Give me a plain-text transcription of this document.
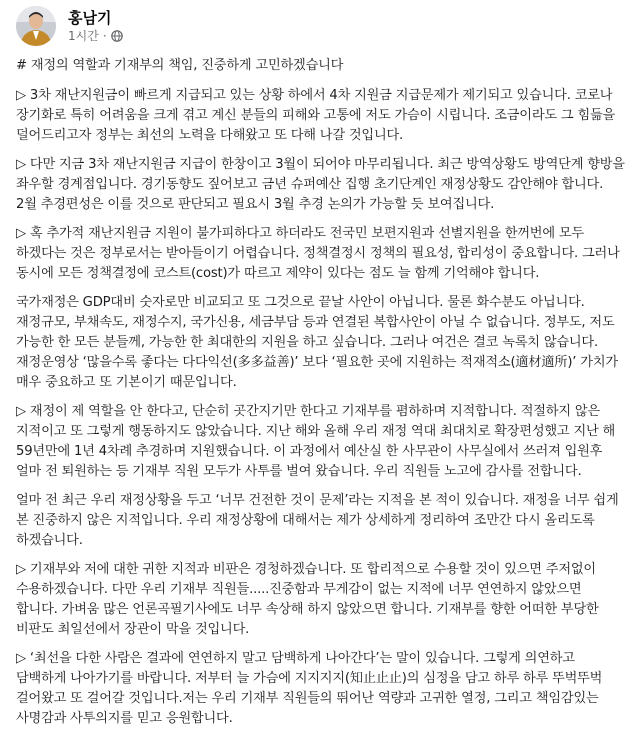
홍남기
1시간 ·

# 재정의 역할과 기재부의 책임, 진중하게 고민하겠습니다

▷ 3차 재난지원금이 빠르게 지급되고 있는 상황 하에서 4차 지원금 지급문제가 제기되고 있습니다. 코로나 장기화로 특히 어려움을 크게 겪고 계신 분들의 피해와 고통에 저도 가슴이 시립니다. 조금이라도 그 힘듦을 덜어드리고자 정부는 최선의 노력을 다해왔고 또 다해 나갈 것입니다.

▷ 다만 지금 3차 재난지원금 지급이 한창이고 3월이 되어야 마무리됩니다. 최근 방역상황도 방역단계 향방을 좌우할 경계점입니다. 경기동향도 짚어보고 금년 슈퍼예산 집행 초기단계인 재정상황도 감안해야 합니다. 2월 추경편성은 이를 것으로 판단되고 필요시 3월 추경 논의가 가능할 듯 보여집니다.

▷ 혹 추가적 재난지원금 지원이 불가피하다고 하더라도 전국민 보편지원과 선별지원을 한꺼번에 모두 하겠다는 것은 정부로서는 받아들이기 어렵습니다. 정책결정시 정책의 필요성, 합리성이 중요합니다. 그러나 동시에 모든 정책결정에 코스트(cost)가 따르고 제약이 있다는 점도 늘 함께 기억해야 합니다.

국가재정은 GDP대비 숫자로만 비교되고 또 그것으로 끝날 사안이 아닙니다. 물론 화수분도 아닙니다. 재정규모, 부채속도, 재정수지, 국가신용, 세금부담 등과 연결된 복합사안이 아닐 수 없습니다. 정부도, 저도 가능한 한 모든 분들께, 가능한 한 최대한의 지원을 하고 싶습니다. 그러나 여건은 결코 녹록치 않습니다. 재정운영상 ‘많을수록 좋다는 다다익선(多多益善)’ 보다 ‘필요한 곳에 지원하는 적재적소(適材適所)’ 가치가 매우 중요하고 또 기본이기 때문입니다.

▷ 재정이 제 역할을 안 한다고, 단순히 곳간지기만 한다고 기재부를 폄하하며 지적합니다. 적절하지 않은 지적이고 또 그렇게 행동하지도 않았습니다. 지난 해와 올해 우리 재정 역대 최대치로 확장편성했고 지난 해 59년만에 1년 4차례 추경하며 지원했습니다. 이 과정에서 예산실 한 사무관이 사무실에서 쓰러져 입원후 얼마 전 퇴원하는 등 기재부 직원 모두가 사투를 벌여 왔습니다. 우리 직원들 노고에 감사를 전합니다.

얼마 전 최근 우리 재정상황을 두고 ‘너무 건전한 것이 문제’라는 지적을 본 적이 있습니다. 재정을 너무 쉽게 본 진중하지 않은 지적입니다. 우리 재정상황에 대해서는 제가 상세하게 정리하여 조만간 다시 올리도록 하겠습니다.

▷ 기재부와 저에 대한 귀한 지적과 비판은 경청하겠습니다. 또 합리적으로 수용할 것이 있으면 주저없이 수용하겠습니다. 다만 우리 기재부 직원들.....진중함과 무게감이 없는 지적에 너무 연연하지 않았으면 합니다. 가벼움 많은 언론곡필기사에도 너무 속상해 하지 않았으면 합니다. 기재부를 향한 어떠한 부당한 비판도 최일선에서 장관이 막을 것입니다.

▷ ‘최선을 다한 사람은 결과에 연연하지 말고 담백하게 나아간다’는 말이 있습니다. 그렇게 의연하고 담백하게 나아가기를 바랍니다. 저부터 늘 가슴에 지지지지(知止止止)의 심정을 담고 하루 하루 뚜벅뚜벅 걸어왔고 또 걸어갈 것입니다.저는 우리 기재부 직원들의 뛰어난 역량과 고귀한 열정, 그리고 책임감있는 사명감과 사투의지를 믿고 응원합니다.
